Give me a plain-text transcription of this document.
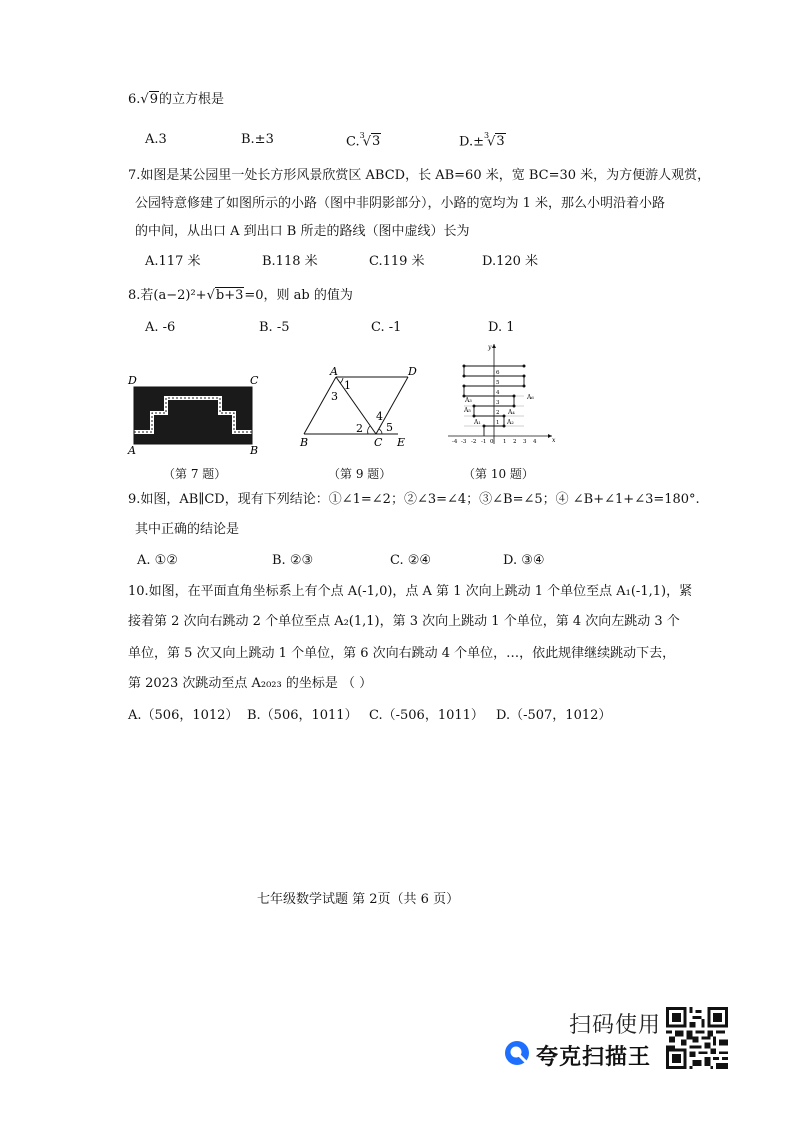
6.√9的立方根是
A.3	B.±3	C.$^3$√3	D.±$^3$√3
7.如图是某公园里一处长方形风景欣赏区 ABCD，长 AB=60 米，宽 BC=30 米，为方便游人观赏，
公园特意修建了如图所示的小路（图中非阴影部分），小路的宽均为 1 米，那么小明沿着小路
的中间，从出口 A 到出口 B 所走的路线（图中虚线）长为
A.117 米	B.118 米	C.119 米	D.120 米
8.若(a−2)²+√b+3=0，则 ab 的值为
A. -6	B. -5	C. -1	D. 1
D	C
A	B
（第 7 题）
A	D
B	C E
1
3
2
4
5
（第 9 题）
y
x
-4 -3 -2 -1 0 1 2 3 4
1
2
3
4
5
6
A₁	A₂
A₃
A₄
A₅
A₆
（第 10 题）
9.如图，AB∥CD，现有下列结论：①∠1=∠2；②∠3=∠4；③∠B=∠5；④ ∠B+∠1+∠3=180°.
其中正确的结论是
A. ①②	B. ②③	C. ②④	D. ③④
10.如图，在平面直角坐标系上有个点 A(-1,0)，点 A 第 1 次向上跳动 1 个单位至点 A₁(-1,1)，紧
接着第 2 次向右跳动 2 个单位至点 A₂(1,1)，第 3 次向上跳动 1 个单位，第 4 次向左跳动 3 个
单位，第 5 次又向上跳动 1 个单位，第 6 次向右跳动 4 个单位，…，依此规律继续跳动下去，
第 2023 次跳动至点 A₂₀₂₃ 的坐标是 （ ）
A.（506，1012） B.（506，1011） C.（-506，1011） D.（-507，1012）
七年级数学试题 第 2页（共 6 页）
扫码使用
夸克扫描王
